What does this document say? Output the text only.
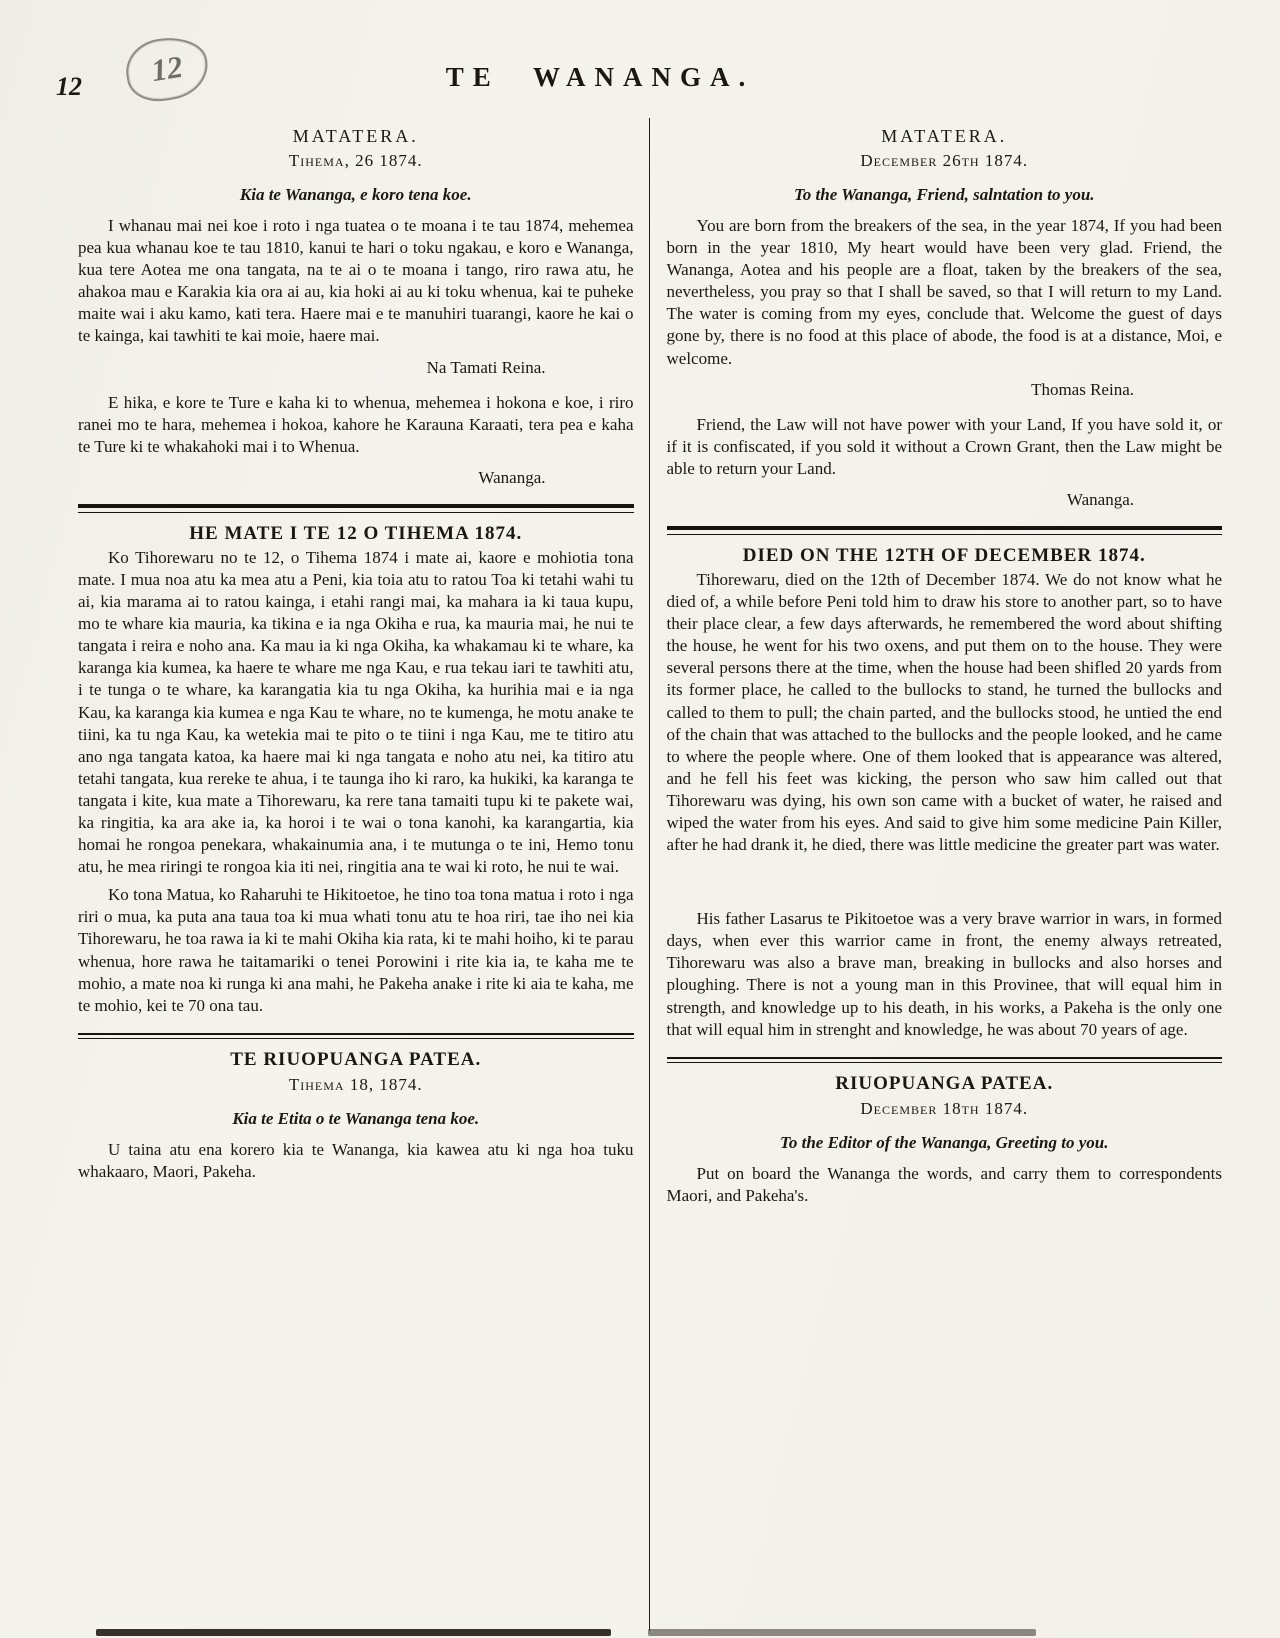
12 12	TE WANANGA.
MATATERA.
Tihema, 26 1874.
Kia te Wananga, e koro tena koe.

I whanau mai nei koe i roto i nga tuatea o te moana i te tau 1874, mehemea pea kua whanau koe te tau 1810, kanui te hari o toku ngakau, e koro e Wananga, kua tere Aotea me ona tangata, na te ai o te moana i tango, riro rawa atu, he ahakoa mau e Karakia kia ora ai au, kia hoki ai au ki toku whenua, kai te puheke maite wai i aku kamo, kati tera. Haere mai e te manuhiri tuarangi, kaore he kai o te kainga, kai tawhiti te kai moie, haere mai.

Na Tamati Reina.

E hika, e kore te Ture e kaha ki to whenua, mehemea i hokona e koe, i riro ranei mo te hara, mehemea i hokoa, kahore he Karauna Karaati, tera pea e kaha te Ture ki te whakahoki mai i to Whenua.

Wananga.
HE MATE I TE 12 O TIHEMA 1874.

Ko Tihorewaru no te 12, o Tihema 1874 i mate ai, kaore e mohiotia tona mate. I mua noa atu ka mea atu a Peni, kia toia atu to ratou Toa ki tetahi wahi tu ai, kia marama ai to ratou kainga, i etahi rangi mai, ka mahara ia ki taua kupu, mo te whare kia mauria, ka tikina e ia nga Okiha e rua, ka mauria mai, he nui te tangata i reira e noho ana. Ka mau ia ki nga Okiha, ka whakamau ki te whare, ka karanga kia kumea, ka haere te whare me nga Kau, e rua tekau iari te tawhiti atu, i te tunga o te whare, ka karangatia kia tu nga Okiha, ka hurihia mai e ia nga Kau, ka karanga kia kumea e nga Kau te whare, no te kumenga, he motu anake te tiini, ka tu nga Kau, ka wetekia mai te pito o te tiini i nga Kau, me te titiro atu ano nga tangata katoa, ka haere mai ki nga tangata e noho atu nei, ka titiro atu tetahi tangata, kua rereke te ahua, i te taunga iho ki raro, ka hukiki, ka karanga te tangata i kite, kua mate a Tihorewaru, ka rere tana tamaiti tupu ki te pakete wai, ka ringitia, ka ara ake ia, ka horoi i te wai o tona kanohi, ka karangartia, kia homai he rongoa penekara, whakainumia ana, i te mutunga o te ini, Hemo tonu atu, he mea riringi te rongoa kia iti nei, ringitia ana te wai ki roto, he nui te wai.

Ko tona Matua, ko Raharuhi te Hikitoetoe, he tino toa tona matua i roto i nga riri o mua, ka puta ana taua toa ki mua whati tonu atu te hoa riri, tae iho nei kia Tihorewaru, he toa rawa ia ki te mahi Okiha kia rata, ki te mahi hoiho, ki te parau whenua, hore rawa he taitamariki o tenei Porowini i rite kia ia, te kaha me te mohio, a mate noa ki runga ki ana mahi, he Pakeha anake i rite ki aia te kaha, me te mohio, kei te 70 ona tau.

TE RIUOPUANGA PATEA.
Tihema 18, 1874.
Kia te Etita o te Wananga tena koe.

U taina atu ena korero kia te Wananga, kia kawea atu ki nga hoa tuku whakaaro, Maori, Pakeha.

MATATERA.
December 26th 1874.
To the Wananga, Friend, salntation to you.

You are born from the breakers of the sea, in the year 1874, If you had been born in the year 1810, My heart would have been very glad. Friend, the Wananga, Aotea and his people are a float, taken by the breakers of the sea, nevertheless, you pray so that I shall be saved, so that I will return to my Land. The water is coming from my eyes, conclude that. Welcome the guest of days gone by, there is no food at this place of abode, the food is at a distance, Moi, e welcome.

Thomas Reina.

Friend, the Law will not have power with your Land, If you have sold it, or if it is confiscated, if you sold it without a Crown Grant, then the Law might be able to return your Land.

Wananga.
DIED ON THE 12TH OF DECEMBER 1874.

Tihorewaru, died on the 12th of December 1874. We do not know what he died of, a while before Peni told him to draw his store to another part, so to have their place clear, a few days afterwards, he remembered the word about shifting the house, he went for his two oxens, and put them on to the house. They were several persons there at the time, when the house had been shifled 20 yards from its former place, he called to the bullocks to stand, he turned the bullocks and called to them to pull; the chain parted, and the bullocks stood, he untied the end of the chain that was attached to the bullocks and the people looked, and he came to where the people where. One of them looked that is appearance was altered, and he fell his feet was kicking, the person who saw him called out that Tihorewaru was dying, his own son came with a bucket of water, he raised and wiped the water from his eyes. And said to give him some medicine Pain Killer, after he had drank it, he died, there was little medicine the greater part was water.

His father Lasarus te Pikitoetoe was a very brave warrior in wars, in formed days, when ever this warrior came in front, the enemy always retreated, Tihorewaru was also a brave man, breaking in bullocks and also horses and ploughing. There is not a young man in this Provinee, that will equal him in strength, and knowledge up to his death, in his works, a Pakeha is the only one that will equal him in strenght and knowledge, he was about 70 years of age.

RIUOPUANGA PATEA.
December 18th 1874.
To the Editor of the Wananga, Greeting to you.

Put on board the Wananga the words, and carry them to correspondents Maori, and Pakeha's.
